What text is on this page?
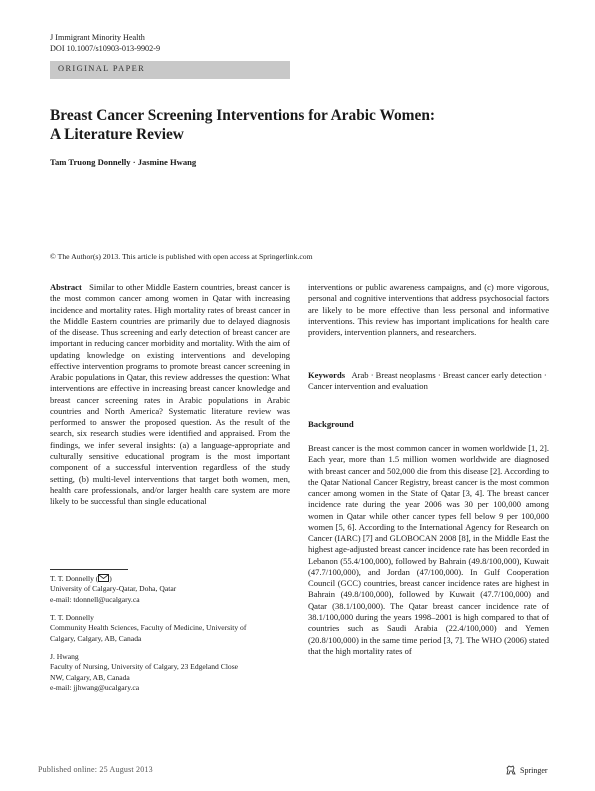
J Immigrant Minority Health
DOI 10.1007/s10903-013-9902-9
ORIGINAL PAPER
Breast Cancer Screening Interventions for Arabic Women:
A Literature Review
Tam Truong Donnelly · Jasmine Hwang
© The Author(s) 2013. This article is published with open access at Springerlink.com

Abstract Similar to other Middle Eastern countries, breast cancer is the most common cancer among women in Qatar with increasing incidence and mortality rates. High mortality rates of breast cancer in the Middle Eastern countries are primarily due to delayed diagnosis of the disease. Thus screening and early detection of breast cancer are important in reducing cancer morbidity and mortality. With the aim of updating knowledge on existing interventions and developing effective intervention programs to promote breast cancer screening in Arabic populations in Qatar, this review addresses the question: What interventions are effective in increasing breast cancer knowledge and breast cancer screening rates in Arabic populations in Arabic countries and North America? Systematic literature review was performed to answer the proposed question. As the result of the search, six research studies were identified and appraised. From the findings, we infer several insights: (a) a language-appropriate and culturally sensitive educational program is the most important component of a successful intervention regardless of the study setting, (b) multi-level interventions that target both women, men, health care professionals, and/or larger health care system are more likely to be successful than single educational

interventions or public awareness campaigns, and (c) more vigorous, personal and cognitive interventions that address psychosocial factors are likely to be more effective than less personal and informative interventions. This review has important implications for health care providers, intervention planners, and researchers.

Keywords Arab · Breast neoplasms · Breast cancer early detection · Cancer intervention and evaluation
Background

Breast cancer is the most common cancer in women worldwide [1, 2]. Each year, more than 1.5 million women worldwide are diagnosed with breast cancer and 502,000 die from this disease [2]. According to the Qatar National Cancer Registry, breast cancer is the most common cancer among women in the State of Qatar [3, 4]. The breast cancer incidence rate during the year 2006 was 30 per 100,000 among women in Qatar while other cancer types fell below 9 per 100,000 women [5, 6]. According to the International Agency for Research on Cancer (IARC) [7] and GLOBOCAN 2008 [8], in the Middle East the highest age-adjusted breast cancer incidence rate has been recorded in Lebanon (55.4/100,000), followed by Bahrain (49.8/100,000), Kuwait (47.7/100,000), and Jordan (47/100,000). In Gulf Cooperation Council (GCC) countries, breast cancer incidence rates are highest in Bahrain (49.8/100,000), followed by Kuwait (47.7/100,000) and Qatar (38.1/100,000). The Qatar breast cancer incidence rate of 38.1/100,000 during the years 1998–2001 is high compared to that of countries such as Saudi Arabia (22.4/100,000) and Yemen (20.8/100,000) in the same time period [3, 7]. The WHO (2006) stated that the high mortality rates of

T. T. Donnelly ( )
University of Calgary-Qatar, Doha, Qatar
e-mail: tdonnell@ucalgary.ca
T. T. Donnelly
Community Health Sciences, Faculty of Medicine, University of
Calgary, Calgary, AB, Canada
J. Hwang
Faculty of Nursing, University of Calgary, 23 Edgeland Close
NW, Calgary, AB, Canada
e-mail: jjhwang@ucalgary.ca
Published online: 25 August 2013	Springer
